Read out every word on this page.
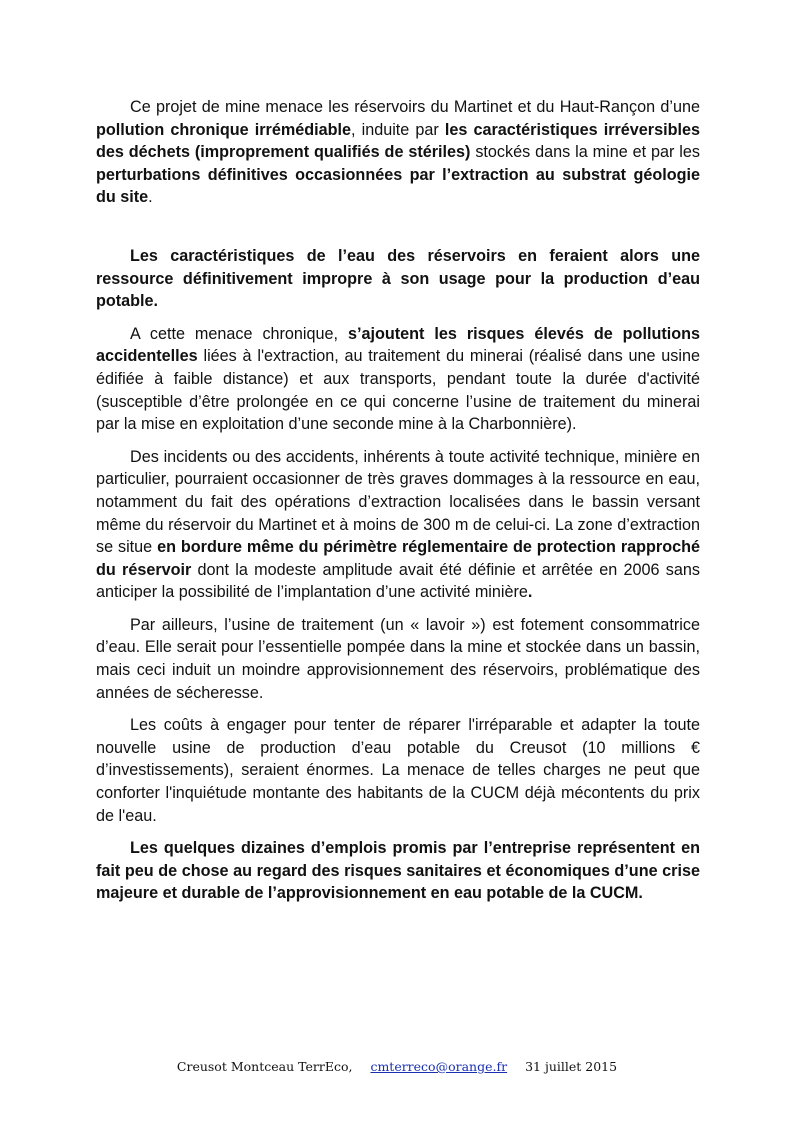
Ce projet de mine menace les réservoirs du Martinet et du Haut-Rançon d’une pollution chronique irrémédiable, induite par les caractéristiques irréversibles des déchets (improprement qualifiés de stériles) stockés dans la mine et par les perturbations définitives occasionnées par l’extraction au substrat géologie du site.

Les caractéristiques de l’eau des réservoirs en feraient alors une ressource définitivement impropre à son usage pour la production d’eau potable.

A cette menace chronique, s’ajoutent les risques élevés de pollutions accidentelles liées à l'extraction, au traitement du minerai (réalisé dans une usine édifiée à faible distance) et aux transports, pendant toute la durée d'activité (susceptible d’être prolongée en ce qui concerne l’usine de traitement du minerai par la mise en exploitation d’une seconde mine à la Charbonnière).

Des incidents ou des accidents, inhérents à toute activité technique, minière en particulier, pourraient occasionner de très graves dommages à la ressource en eau, notamment du fait des opérations d’extraction localisées dans le bassin versant même du réservoir du Martinet et à moins de 300 m de celui-ci. La zone d’extraction se situe en bordure même du périmètre réglementaire de protection rapproché du réservoir dont la modeste amplitude avait été définie et arrêtée en 2006 sans anticiper la possibilité de l’implantation d’une activité minière.

Par ailleurs, l’usine de traitement (un « lavoir ») est fotement consommatrice d’eau. Elle serait pour l’essentielle pompée dans la mine et stockée dans un bassin, mais ceci induit un moindre approvisionnement des réservoirs, problématique des années de sécheresse.

Les coûts à engager pour tenter de réparer l'irréparable et adapter la toute nouvelle usine de production d’eau potable du Creusot (10 millions € d’investissements), seraient énormes. La menace de telles charges ne peut que conforter l'inquiétude montante des habitants de la CUCM déjà mécontents du prix de l'eau.

Les quelques dizaines d’emplois promis par l’entreprise représentent en fait peu de chose au regard des risques sanitaires et économiques d’une crise majeure et durable de l’approvisionnement en eau potable de la CUCM.

Creusot Montceau TerrEco, cmterreco@orange.fr 31 juillet 2015
